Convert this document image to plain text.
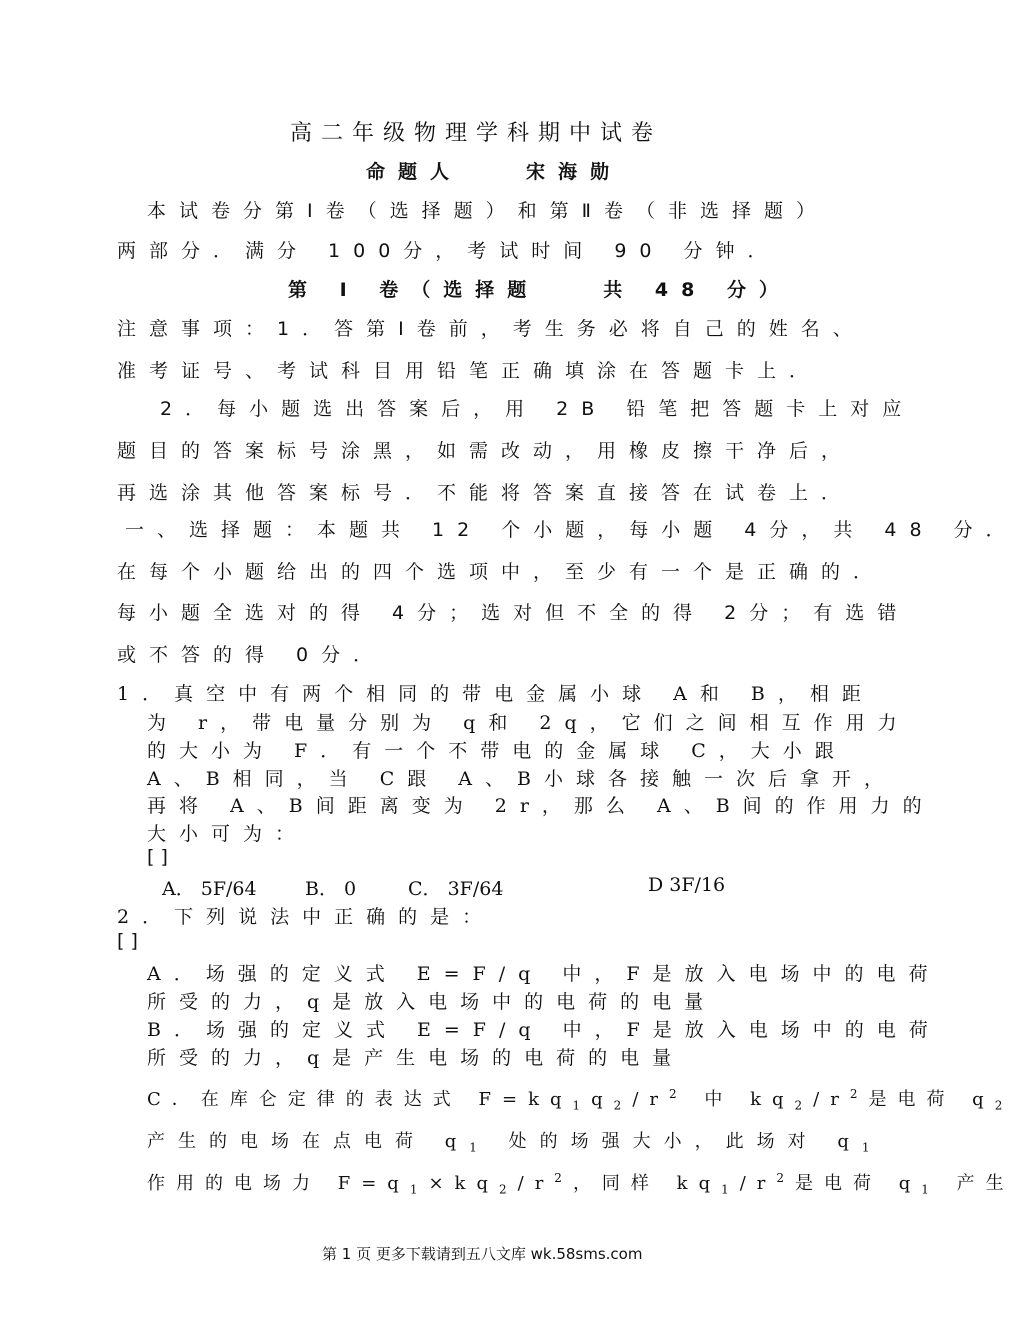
高二年级物理学科期中试卷
命题人　　宋海勋
本试卷分第Ⅰ卷（选择题）和第Ⅱ卷（非选择题）
两部分．满分 100分，考试时间 90 分钟．
第 Ⅰ 卷（选择题　　共 48 分）
注意事项：1．答第Ⅰ卷前，考生务必将自己的姓名、
准考证号、考试科目用铅笔正确填涂在答题卡上．
2．每小题选出答案后，用 2B 铅笔把答题卡上对应
题目的答案标号涂黑，如需改动，用橡皮擦干净后，
再选涂其他答案标号．不能将答案直接答在试卷上．
一、选择题：本题共 12 个小题，每小题 4分，共 48 分．
在每个小题给出的四个选项中，至少有一个是正确的．
每小题全选对的得 4分；选对但不全的得 2分；有选错
或不答的得 0分．
1．真空中有两个相同的带电金属小球 A和 B，相距
为 r，带电量分别为 q和 2q，它们之间相互作用力
的大小为 F．有一个不带电的金属球 C，大小跟
A、B相同，当 C跟 A、B小球各接触一次后拿开，
再将 A、B间距离变为 2r，那么 A、B间的作用力的
大小可为：
[ ]
A． 5F/64	B． 0	C． 3F/64	D 3F/16
2．下列说法中正确的是：
[ ]
A．场强的定义式 E=F/q 中，F是放入电场中的电荷
所受的力，q是放入电场中的电荷的电量
B．场强的定义式 E=F/q 中，F是放入电场中的电荷
所受的力，q是产生电场的电荷的电量
C．在库仑定律的表达式 $F=kq_1q_2/r^2$ 中 $kq_2/r^2$是电荷 $q_2$
产生的电场在点电荷 $q_1$ 处的场强大小，此场对 $q_1$
作用的电场力 $F=q_1\times kq_2/r^2$，同样 $kq_1/r^2$是电荷 $q_1$ 产生
第 1 页 更多下载请到五八文库 wk.58sms.com
